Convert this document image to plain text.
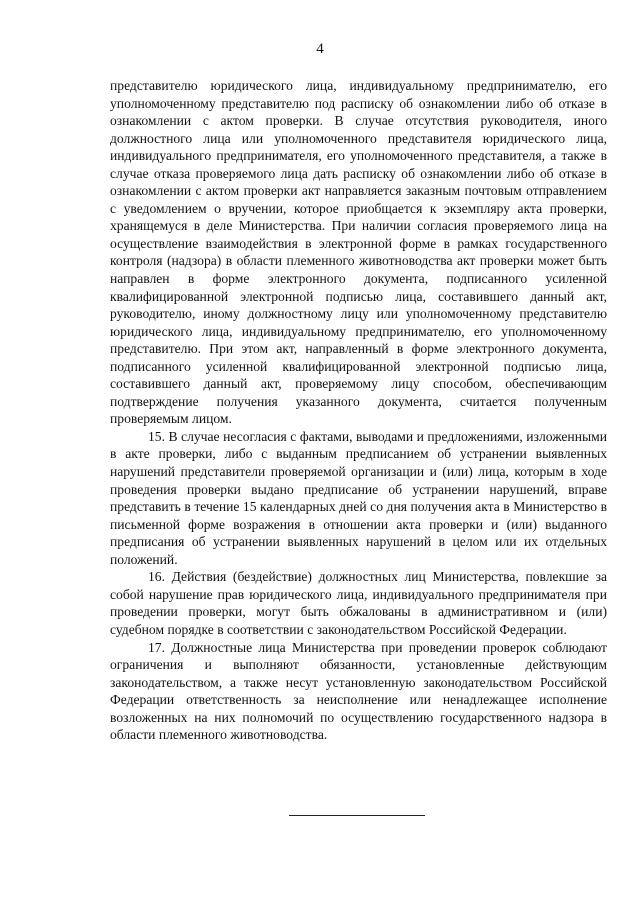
4

представителю юридического лица, индивидуальному предпринимателю, его уполномоченному представителю под расписку об ознакомлении либо об отказе в ознакомлении с актом проверки. В случае отсутствия руководителя, иного должностного лица или уполномоченного представителя юридического лица, индивидуального предпринимателя, его уполномоченного представителя, а также в случае отказа проверяемого лица дать расписку об ознакомлении либо об отказе в ознакомлении с актом проверки акт направляется заказным почтовым отправлением с уведомлением о вручении, которое приобщается к экземпляру акта проверки, хранящемуся в деле Министерства. При наличии согласия проверяемого лица на осуществление взаимодействия в электронной форме в рамках государственного контроля (надзора) в области племенного животноводства акт проверки может быть направлен в форме электронного документа, подписанного усиленной квалифицированной электронной подписью лица, составившего данный акт, руководителю, иному должностному лицу или уполномоченному представителю юридического лица, индивидуальному предпринимателю, его уполномоченному представителю. При этом акт, направленный в форме электронного документа, подписанного усиленной квалифицированной электронной подписью лица, составившего данный акт, проверяемому лицу способом, обеспечивающим подтверждение получения указанного документа, считается полученным проверяемым лицом.

15. В случае несогласия с фактами, выводами и предложениями, изложенными в акте проверки, либо с выданным предписанием об устранении выявленных нарушений представители проверяемой организации и (или) лица, которым в ходе проведения проверки выдано предписание об устранении нарушений, вправе представить в течение 15 календарных дней со дня получения акта в Министерство в письменной форме возражения в отношении акта проверки и (или) выданного предписания об устранении выявленных нарушений в целом или их отдельных положений.

16. Действия (бездействие) должностных лиц Министерства, повлекшие за собой нарушение прав юридического лица, индивидуального предпринимателя при проведении проверки, могут быть обжалованы в административном и (или) судебном порядке в соответствии с законодательством Российской Федерации.

17. Должностные лица Министерства при проведении проверок соблюдают ограничения и выполняют обязанности, установленные действующим законодательством, а также несут установленную законодательством Российской Федерации ответственность за неисполнение или ненадлежащее исполнение возложенных на них полномочий по осуществлению государственного надзора в области племенного животноводства.
